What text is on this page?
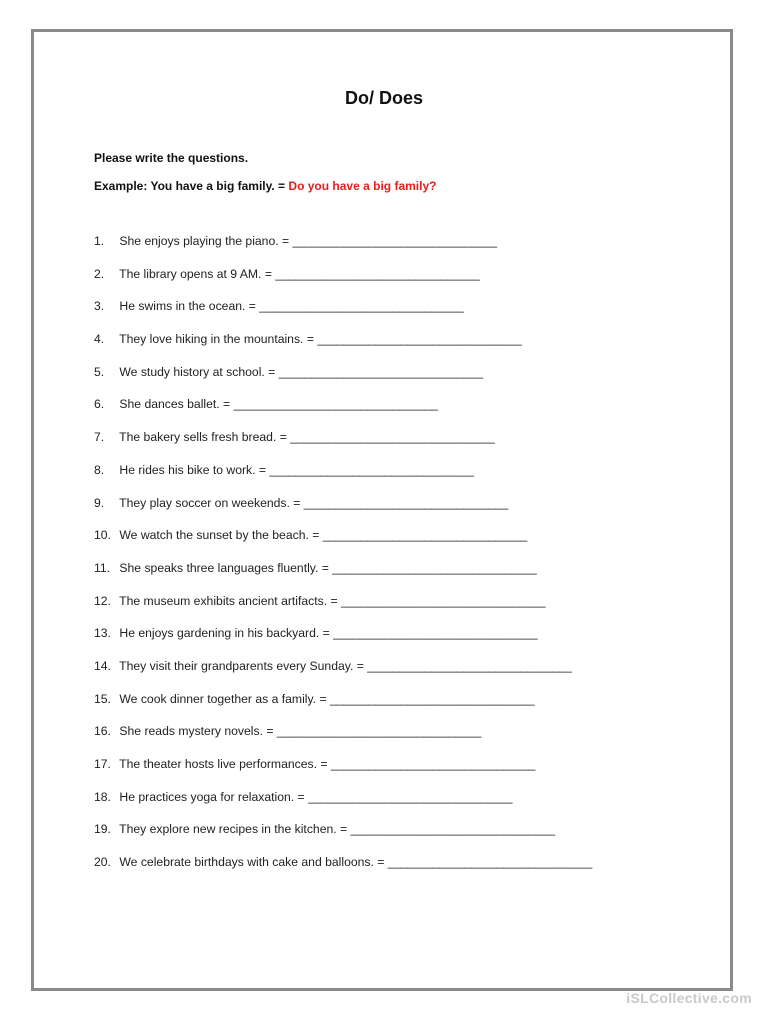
Do/ Does
Please write the questions.
Example: You have a big family. = Do you have a big family?
1. She enjoys playing the piano. = ________________________________
2. The library opens at 9 AM. = ________________________________
3. He swims in the ocean. = ________________________________
4. They love hiking in the mountains. = ________________________________
5. We study history at school. = ________________________________
6. She dances ballet. = ________________________________
7. The bakery sells fresh bread. = ________________________________
8. He rides his bike to work. = ________________________________
9. They play soccer on weekends. = ________________________________
10. We watch the sunset by the beach. = ________________________________
11. She speaks three languages fluently. = ________________________________
12. The museum exhibits ancient artifacts. = ________________________________
13. He enjoys gardening in his backyard. = ________________________________
14. They visit their grandparents every Sunday. = ________________________________
15. We cook dinner together as a family. = ________________________________
16. She reads mystery novels. = ________________________________
17. The theater hosts live performances. = ________________________________
18. He practices yoga for relaxation. = ________________________________
19. They explore new recipes in the kitchen. = ________________________________
20. We celebrate birthdays with cake and balloons. = ________________________________
iSLCollective.com
